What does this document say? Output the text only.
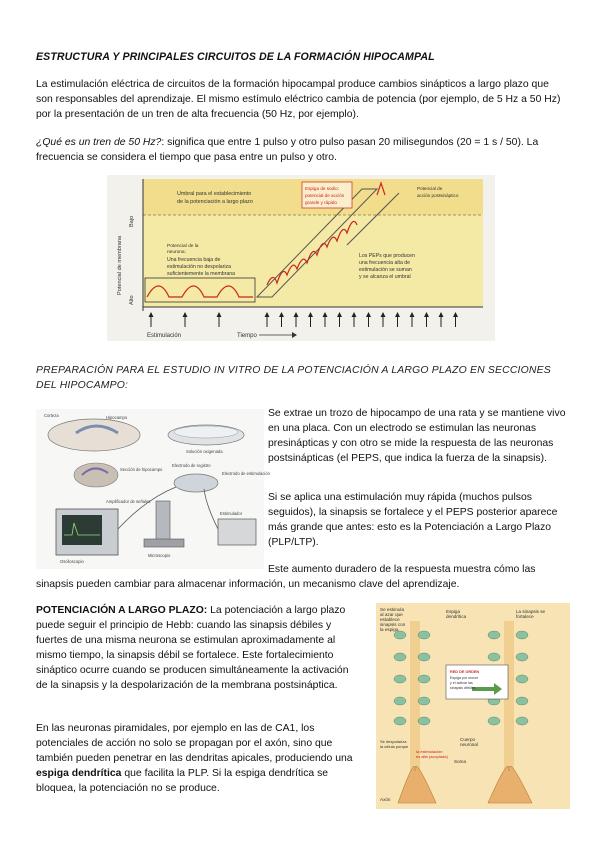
ESTRUCTURA Y PRINCIPALES CIRCUITOS DE LA FORMACIÓN HIPOCAMPAL

La estimulación eléctrica de circuitos de la formación hipocampal produce cambios sinápticos a largo plazo que son responsables del aprendizaje. El mismo estímulo eléctrico cambia de potencia (por ejemplo, de 5 Hz a 50 Hz) por la presentación de un tren de alta frecuencia (50 Hz, por ejemplo).

¿Qué es un tren de 50 Hz?: significa que entre 1 pulso y otro pulso pasan 20 milisegundos (20 = 1 s / 50). La frecuencia se considera el tiempo que pasa entre un pulso y otro.

Espiga de sodio:
potencial de acción
grande y rápido
Umbral para el establecimiento
de la potenciación a largo plazo
Potencial de
acción postsináptico
Potencial de membrana
Bajo
Alto
Potencial de la
neurona:
Una frecuencia baja de
estimulación no despolariza
suficientemente la membrana
Los PEPs que producen
una frecuencia alta de
estimulación se suman
y se alcanza el umbral
Estimulación	Tiempo
PREPARACIÓN PARA EL ESTUDIO IN VITRO DE LA POTENCIACIÓN A LARGO PLAZO EN SECCIONES DEL HIPOCAMPO:
Corteza	Hipocampo
Sección de hipocampo
Estimulador
Osciloscopio
Microscopio
Electrodo de registro
Electrodo de estimulación
Solución oxigenada
Amplificador de señales

Se extrae un trozo de hipocampo de una rata y se mantiene vivo en una placa. Con un electrodo se estimulan las neuronas presinápticas y con otro se mide la respuesta de las neuronas postsinápticas (el PEPS, que indica la fuerza de la sinapsis).

Si se aplica una estimulación muy rápida (muchos pulsos seguidos), la sinapsis se fortalece y el PEPS posterior aparece más grande que antes: esto es la Potenciación a Largo Plazo (PLP/LTP).

Este aumento duradero de la respuesta muestra cómo las sinapsis pueden cambiar para almacenar información, un mecanismo clave del aprendizaje.

POTENCIACIÓN A LARGO PLAZO: La potenciación a largo plazo puede seguir el principio de Hebb: cuando las sinapsis débiles y fuertes de una misma neurona se estimulan aproximadamente al mismo tiempo, la sinapsis débil se fortalece. Este fortalecimiento sináptico ocurre cuando se producen simultáneamente la activación de la sinapsis y la despolarización de la membrana postsináptica.

En las neuronas piramidales, por ejemplo en las de CA1, los potenciales de acción no solo se propagan por el axón, sino que también pueden penetrar en las dendritas apicales, produciendo una espiga dendrítica que facilita la PLP. Si la espiga dendrítica se bloquea, la potenciación no se produce.

RED DE ORDEN
Espiga por mover
y el activar las
sinapsis débiles
Se estimula
al azar que
establece
sinapsis con
la espiga
Espiga
dendrítica
La sinapsis se
fortalece
Cuerpo
neuronal
Se despolariza
la célula porque
la estimulación
es alta (acoplada)
Soma
Axón
